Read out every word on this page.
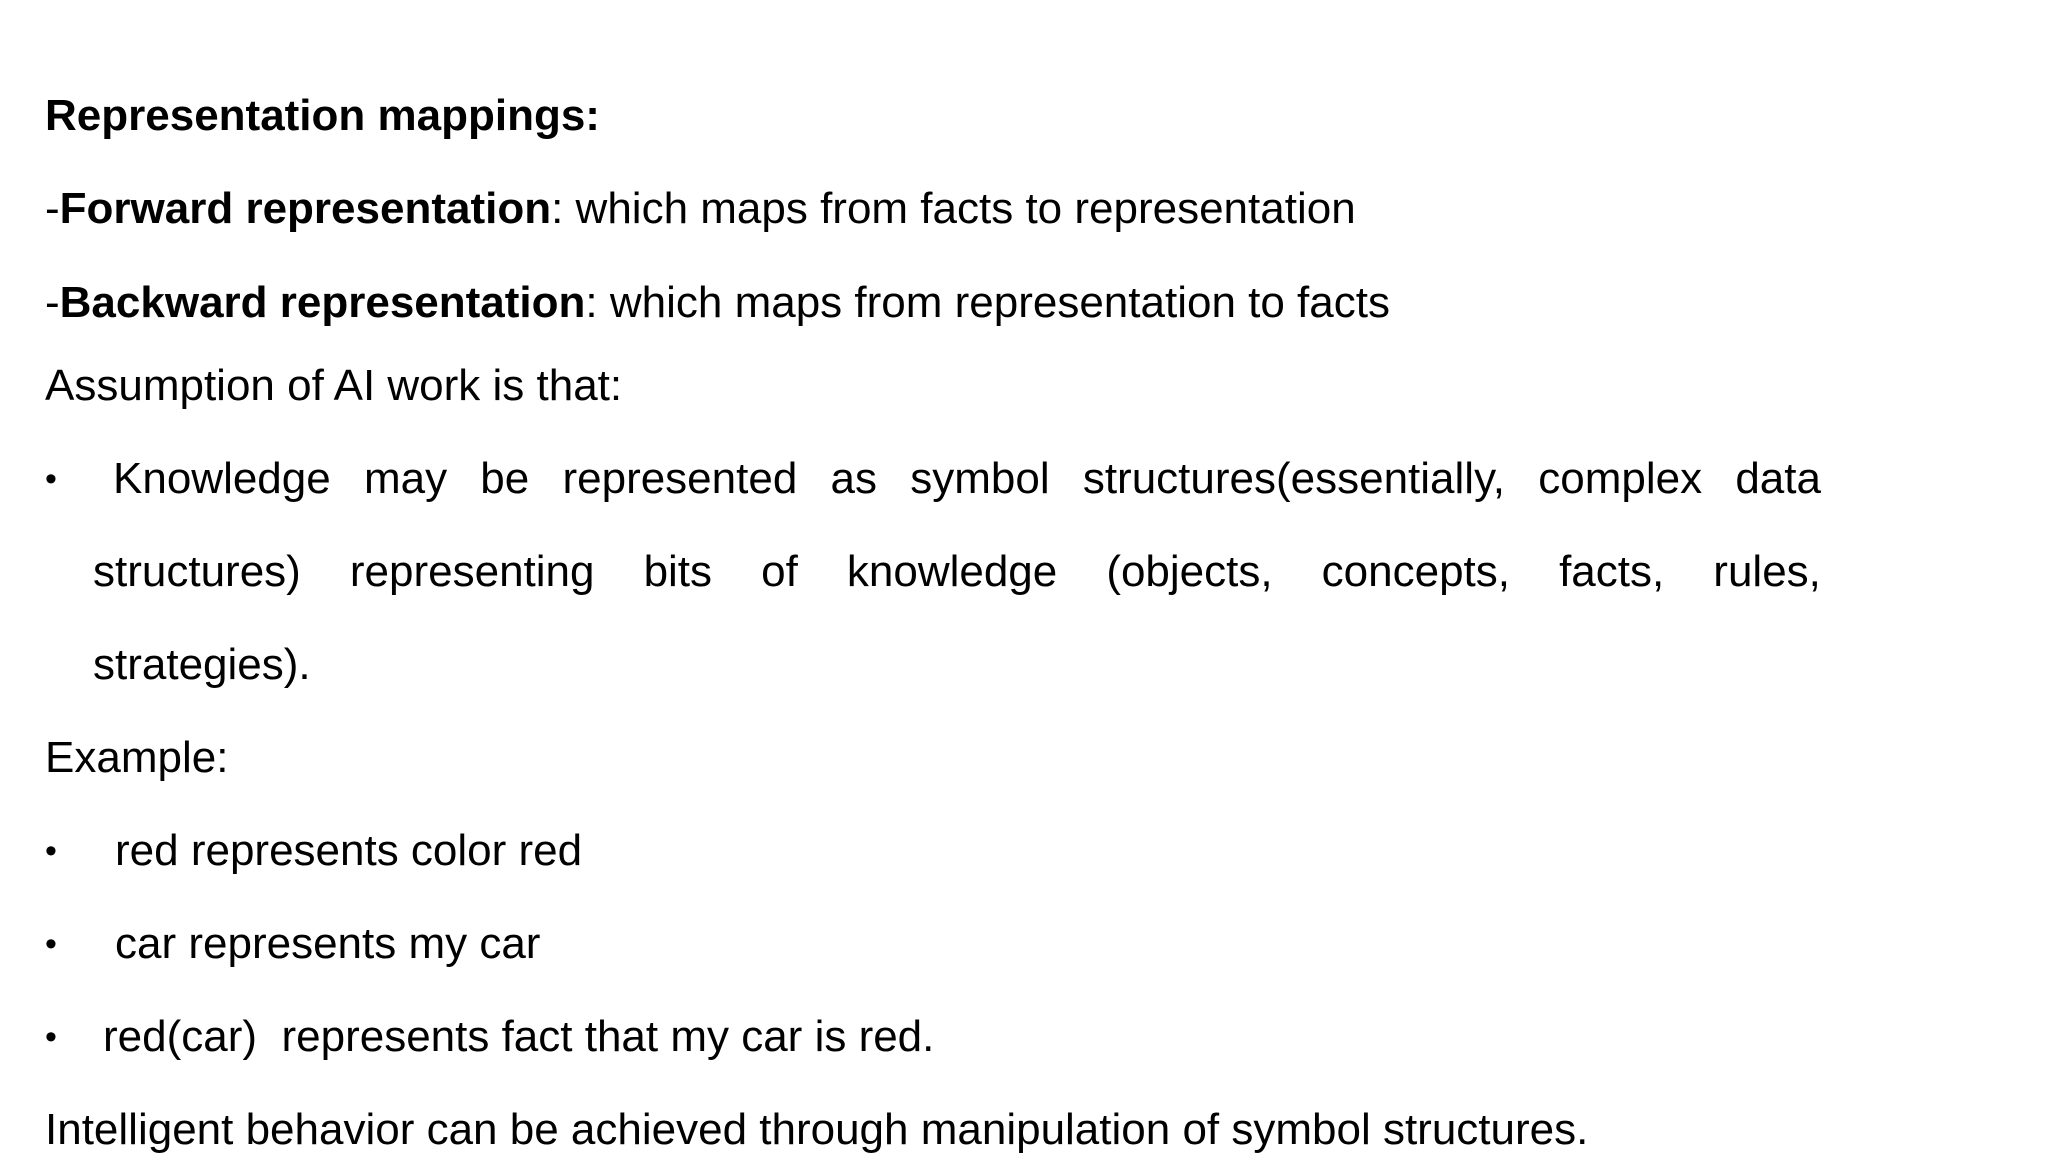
Representation mappings:
-Forward representation: which maps from facts to representation
-Backward representation: which maps from representation to facts
Assumption of AI work is that:
• Knowledge may be represented as symbol structures(essentially, complex data
structures) representing bits of knowledge (objects, concepts, facts, rules,
strategies).
Example:
• red represents color red
• car represents my car
• red(car)  represents fact that my car is red.
Intelligent behavior can be achieved through manipulation of symbol structures.
